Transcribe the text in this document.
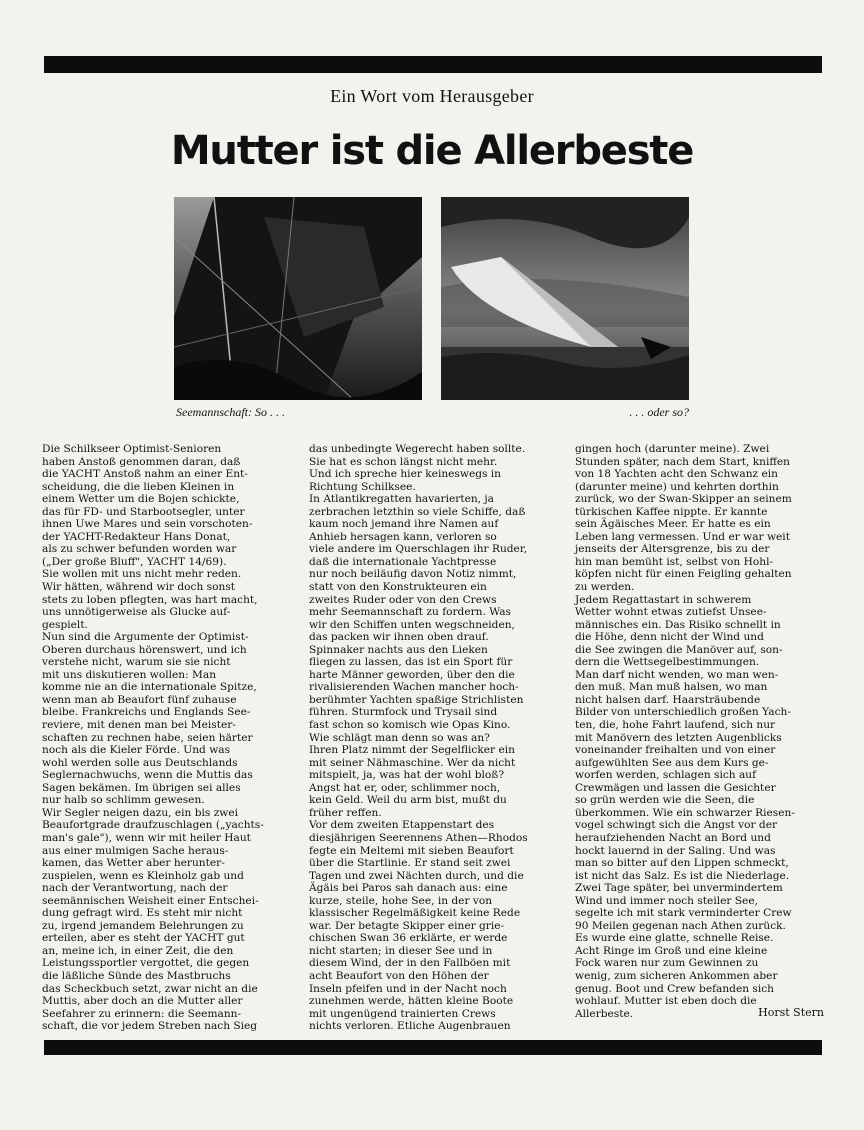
Ein Wort vom Herausgeber
Mutter ist die Allerbeste
Seemannschaft: So . . .	. . . oder so?
Die Schilkseer Optimist-Senioren
haben Anstoß genommen daran, daß
die YACHT Anstoß nahm an einer Ent-
scheidung, die die lieben Kleinen in
einem Wetter um die Bojen schickte,
das für FD- und Starbootsegler, unter
ihnen Uwe Mares und sein vorschoten-
der YACHT-Redakteur Hans Donat,
als zu schwer befunden worden war
(„Der große Bluff", YACHT 14/69).
Sie wollen mit uns nicht mehr reden.
Wir hätten, während wir doch sonst
stets zu loben pflegten, was hart macht,
uns unnötigerweise als Glucke auf-
gespielt.
Nun sind die Argumente der Optimist-
Oberen durchaus hörenswert, und ich
verstehe nicht, warum sie sie nicht
mit uns diskutieren wollen: Man
komme nie an die internationale Spitze,
wenn man ab Beaufort fünf zuhause
bleibe. Frankreichs und Englands See-
reviere, mit denen man bei Meister-
schaften zu rechnen habe, seien härter
noch als die Kieler Förde. Und was
wohl werden solle aus Deutschlands
Seglernachwuchs, wenn die Muttis das
Sagen bekämen. Im übrigen sei alles
nur halb so schlimm gewesen.
Wir Segler neigen dazu, ein bis zwei
Beaufortgrade draufzuschlagen („yachts-
man's gale"), wenn wir mit heiler Haut
aus einer mulmigen Sache heraus-
kamen, das Wetter aber herunter-
zuspielen, wenn es Kleinholz gab und
nach der Verantwortung, nach der
seemännischen Weisheit einer Entschei-
dung gefragt wird. Es steht mir nicht
zu, irgend jemandem Belehrungen zu
erteilen, aber es steht der YACHT gut
an, meine ich, in einer Zeit, die den
Leistungssportler vergottet, die gegen
die läßliche Sünde des Mastbruchs
das Scheckbuch setzt, zwar nicht an die
Muttis, aber doch an die Mutter aller
Seefahrer zu erinnern: die Seemann-
schaft, die vor jedem Streben nach Sieg
das unbedingte Wegerecht haben sollte.
Sie hat es schon längst nicht mehr.
Und ich spreche hier keineswegs in
Richtung Schilksee.
In Atlantikregatten havarierten, ja
zerbrachen letzthin so viele Schiffe, daß
kaum noch jemand ihre Namen auf
Anhieb hersagen kann, verloren so
viele andere im Querschlagen ihr Ruder,
daß die internationale Yachtpresse
nur noch beiläufig davon Notiz nimmt,
statt von den Konstrukteuren ein
zweites Ruder oder von den Crews
mehr Seemannschaft zu fordern. Was
wir den Schiffen unten wegschneiden,
das packen wir ihnen oben drauf.
Spinnaker nachts aus den Lieken
fliegen zu lassen, das ist ein Sport für
harte Männer geworden, über den die
rivalisierenden Wachen mancher hoch-
berühmter Yachten spaßige Strichlisten
führen. Sturmfock und Trysail sind
fast schon so komisch wie Opas Kino.
Wie schlägt man denn so was an?
Ihren Platz nimmt der Segelflicker ein
mit seiner Nähmaschine. Wer da nicht
mitspielt, ja, was hat der wohl bloß?
Angst hat er, oder, schlimmer noch,
kein Geld. Weil du arm bist, mußt du
früher reffen.
Vor dem zweiten Etappenstart des
diesjährigen Seerennens Athen—Rhodos
fegte ein Meltemi mit sieben Beaufort
über die Startlinie. Er stand seit zwei
Tagen und zwei Nächten durch, und die
Ägäis bei Paros sah danach aus: eine
kurze, steile, hohe See, in der von
klassischer Regelmäßigkeit keine Rede
war. Der betagte Skipper einer grie-
chischen Swan 36 erklärte, er werde
nicht starten; in dieser See und in
diesem Wind, der in den Fallböen mit
acht Beaufort von den Höhen der
Inseln pfeifen und in der Nacht noch
zunehmen werde, hätten kleine Boote
mit ungenügend trainierten Crews
nichts verloren. Etliche Augenbrauen
gingen hoch (darunter meine). Zwei
Stunden später, nach dem Start, kniffen
von 18 Yachten acht den Schwanz ein
(darunter meine) und kehrten dorthin
zurück, wo der Swan-Skipper an seinem
türkischen Kaffee nippte. Er kannte
sein Ägäisches Meer. Er hatte es ein
Leben lang vermessen. Und er war weit
jenseits der Altersgrenze, bis zu der
hin man bemüht ist, selbst von Hohl-
köpfen nicht für einen Feigling gehalten
zu werden.
Jedem Regattastart in schwerem
Wetter wohnt etwas zutiefst Unsee-
männisches ein. Das Risiko schnellt in
die Höhe, denn nicht der Wind und
die See zwingen die Manöver auf, son-
dern die Wettsegelbestimmungen.
Man darf nicht wenden, wo man wen-
den muß. Man muß halsen, wo man
nicht halsen darf. Haarsträubende
Bilder von unterschiedlich großen Yach-
ten, die, hohe Fahrt laufend, sich nur
mit Manövern des letzten Augenblicks
voneinander freihalten und von einer
aufgewühlten See aus dem Kurs ge-
worfen werden, schlagen sich auf
Crewmägen und lassen die Gesichter
so grün werden wie die Seen, die
überkommen. Wie ein schwarzer Riesen-
vogel schwingt sich die Angst vor der
heraufziehenden Nacht an Bord und
hockt lauernd in der Saling. Und was
man so bitter auf den Lippen schmeckt,
ist nicht das Salz. Es ist die Niederlage.
Zwei Tage später, bei unvermindertem
Wind und immer noch steiler See,
segelte ich mit stark verminderter Crew
90 Meilen gegenan nach Athen zurück.
Es wurde eine glatte, schnelle Reise.
Acht Ringe im Groß und eine kleine
Fock waren nur zum Gewinnen zu
wenig, zum sicheren Ankommen aber
genug. Boot und Crew befanden sich
wohlauf. Mutter ist eben doch die
Allerbeste.	Horst Stern
